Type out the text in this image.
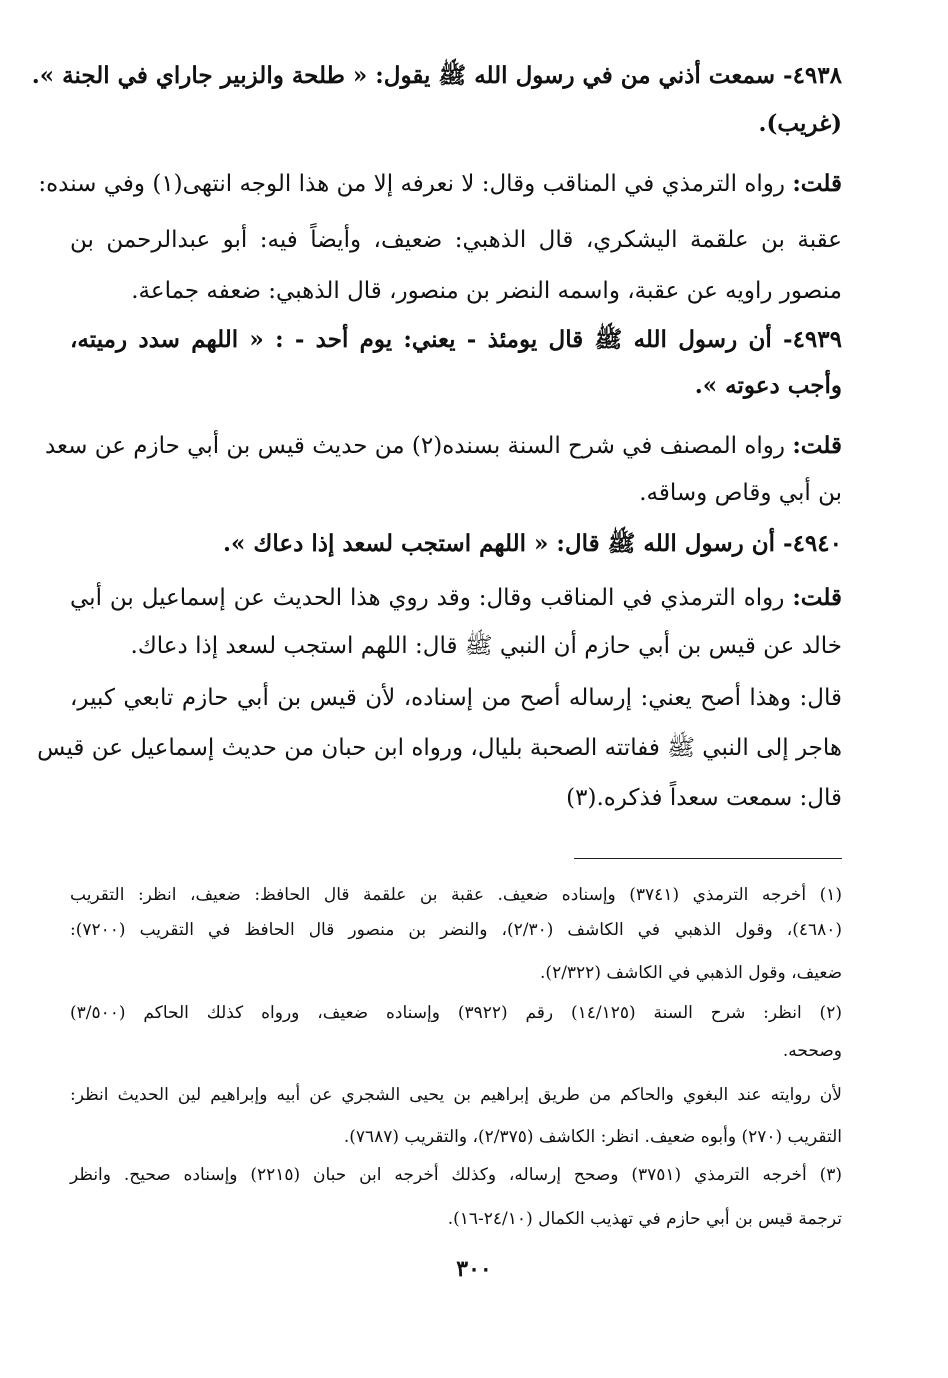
٤٩٣٨- سمعت أذني من في رسول الله ﷺ يقول: « طلحة والزبير جاراي في الجنة ».
(غريب).
قلت: رواه الترمذي في المناقب وقال: لا نعرفه إلا من هذا الوجه انتهى(١) وفي سنده:
عقبة بن علقمة اليشكري، قال الذهبي: ضعيف، وأيضاً فيه: أبو عبدالرحمن بن
منصور راويه عن عقبة، واسمه النضر بن منصور، قال الذهبي: ضعفه جماعة.
٤٩٣٩- أن رسول الله ﷺ قال يومئذ - يعني: يوم أحد - : « اللهم سدد رميته،
وأجب دعوته ».
قلت: رواه المصنف في شرح السنة بسنده(٢) من حديث قيس بن أبي حازم عن سعد
بن أبي وقاص وساقه.
٤٩٤٠- أن رسول الله ﷺ قال: « اللهم استجب لسعد إذا دعاك ».
قلت: رواه الترمذي في المناقب وقال: وقد روي هذا الحديث عن إسماعيل بن أبي
خالد عن قيس بن أبي حازم أن النبي ﷺ قال: اللهم استجب لسعد إذا دعاك.
قال: وهذا أصح يعني: إرساله أصح من إسناده، لأن قيس بن أبي حازم تابعي كبير،
هاجر إلى النبي ﷺ ففاتته الصحبة بليال، ورواه ابن حبان من حديث إسماعيل عن قيس
قال: سمعت سعداً فذكره.(٣)
(١) أخرجه الترمذي (٣٧٤١) وإسناده ضعيف. عقبة بن علقمة قال الحافظ: ضعيف، انظر: التقريب
(٤٦٨٠)، وقول الذهبي في الكاشف (٢/٣٠)، والنضر بن منصور قال الحافظ في التقريب (٧٢٠٠):
ضعيف، وقول الذهبي في الكاشف (٢/٣٢٢).
(٢) انظر: شرح السنة (١٤/١٢٥) رقم (٣٩٢٢) وإسناده ضعيف، ورواه كذلك الحاكم (٣/٥٠٠)
وصححه.
لأن روايته عند البغوي والحاكم من طريق إبراهيم بن يحيى الشجري عن أبيه وإبراهيم لين الحديث انظر:
التقريب (٢٧٠) وأبوه ضعيف. انظر: الكاشف (٢/٣٧٥)، والتقريب (٧٦٨٧).
(٣) أخرجه الترمذي (٣٧٥١) وصحح إرساله، وكذلك أخرجه ابن حبان (٢٢١٥) وإسناده صحيح. وانظر
ترجمة قيس بن أبي حازم في تهذيب الكمال (٢٤/١٠-١٦).
٣٠٠
